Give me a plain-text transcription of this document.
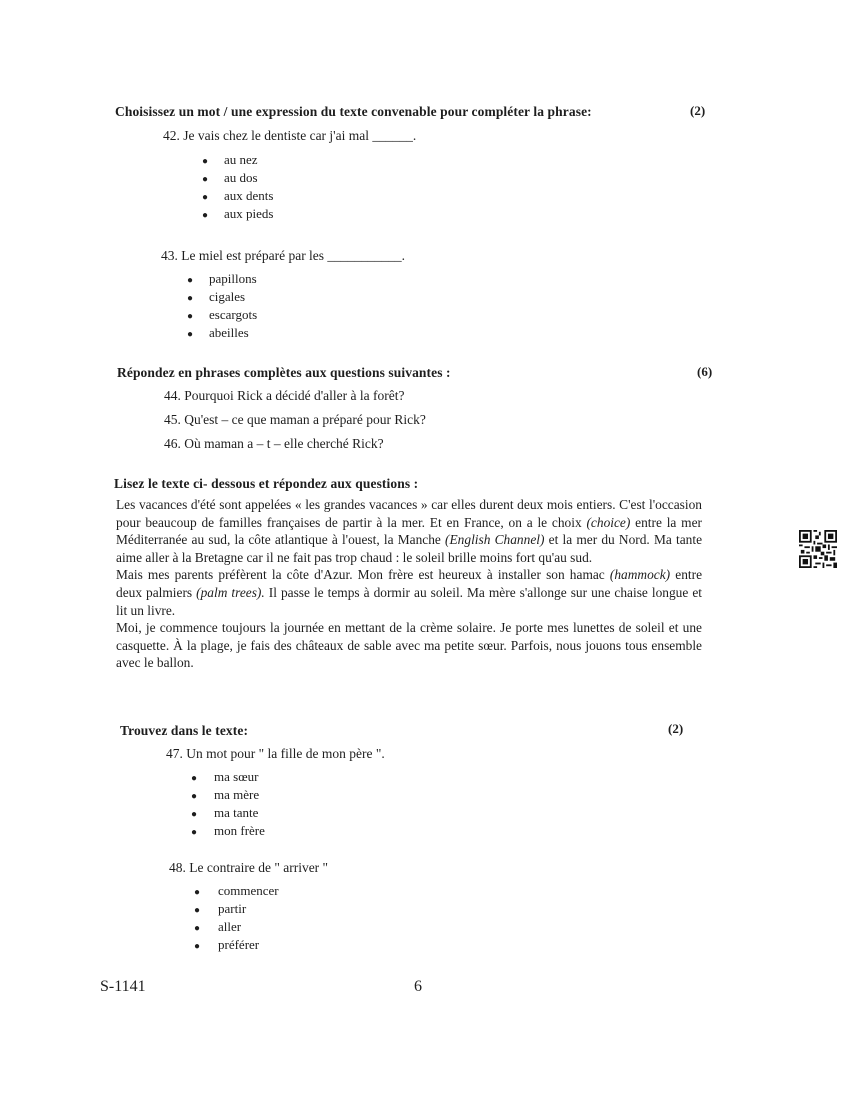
Choisissez un mot / une expression du texte convenable pour compléter la phrase:	(2)
42. Je vais chez le dentiste car j'ai mal ______.
● au nez
● au dos
● aux dents
● aux pieds
43. Le miel est préparé par les ___________.
● papillons
● cigales
● escargots
● abeilles
Répondez en phrases complètes aux questions suivantes :	(6)
44. Pourquoi Rick a décidé d'aller à la forêt?
45. Qu'est – ce que maman a préparé pour Rick?
46. Où maman a – t – elle cherché Rick?
Lisez le texte ci- dessous et répondez aux questions :

Les vacances d'été sont appelées « les grandes vacances » car elles durent deux mois entiers. C'est l'occasion pour beaucoup de familles françaises de partir à la mer. Et en France, on a le choix (choice) entre la mer Méditerranée au sud, la côte atlantique à l'ouest, la Manche (English Channel) et la mer du Nord. Ma tante aime aller à la Bretagne car il ne fait pas trop chaud : le soleil brille moins fort qu'au sud.

Mais mes parents préfèrent la côte d'Azur. Mon frère est heureux à installer son hamac (hammock) entre deux palmiers (palm trees). Il passe le temps à dormir au soleil. Ma mère s'allonge sur une chaise longue et lit un livre.

Moi, je commence toujours la journée en mettant de la crème solaire. Je porte mes lunettes de soleil et une casquette. À la plage, je fais des châteaux de sable avec ma petite sœur. Parfois, nous jouons tous ensemble avec le ballon.

Trouvez dans le texte:	(2)
47. Un mot pour " la fille de mon père ".
● ma sœur
● ma mère
● ma tante
● mon frère
48. Le contraire de " arriver "
● commencer
● partir
● aller
● préférer
S-1141	6
